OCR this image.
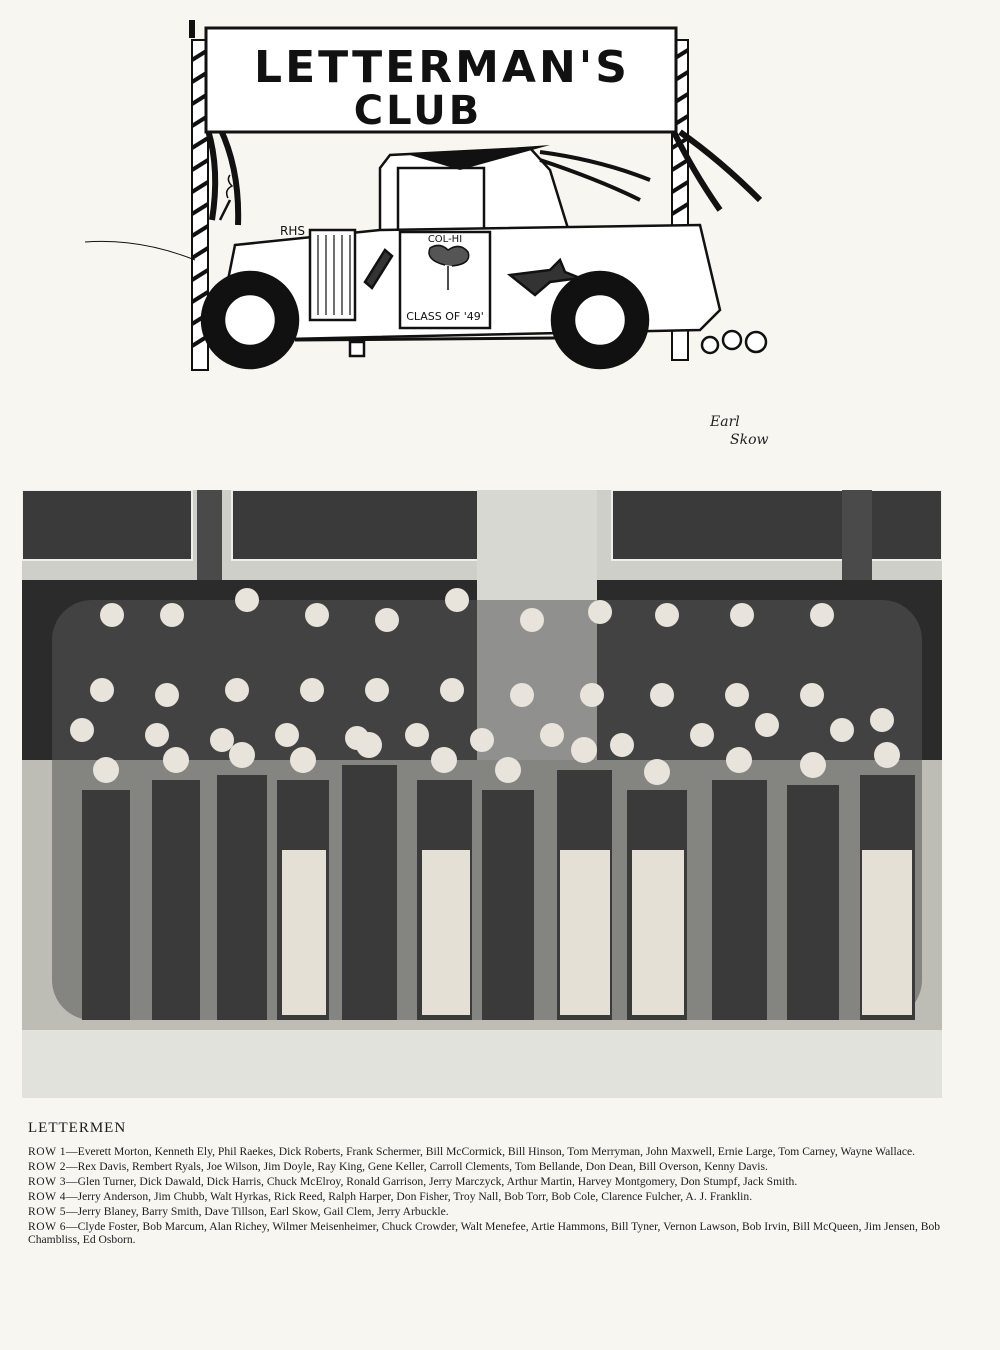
LETTERMAN'S
CLUB
RHS
COL-HI
CLASS OF '49'
Earl
Skow
LETTERMEN

ROW 1—Everett Morton, Kenneth Ely, Phil Raekes, Dick Roberts, Frank Schermer, Bill McCormick, Bill Hinson, Tom Merryman, John Maxwell, Ernie Large, Tom Carney, Wayne Wallace.

ROW 2—Rex Davis, Rembert Ryals, Joe Wilson, Jim Doyle, Ray King, Gene Keller, Carroll Clements, Tom Bellande, Don Dean, Bill Overson, Kenny Davis.

ROW 3—Glen Turner, Dick Dawald, Dick Harris, Chuck McElroy, Ronald Garrison, Jerry Marczyck, Arthur Martin, Harvey Montgomery, Don Stumpf, Jack Smith.

ROW 4—Jerry Anderson, Jim Chubb, Walt Hyrkas, Rick Reed, Ralph Harper, Don Fisher, Troy Nall, Bob Torr, Bob Cole, Clarence Fulcher, A. J. Franklin.

ROW 5—Jerry Blaney, Barry Smith, Dave Tillson, Earl Skow, Gail Clem, Jerry Arbuckle.

ROW 6—Clyde Foster, Bob Marcum, Alan Richey, Wilmer Meisenheimer, Chuck Crowder, Walt Menefee, Artie Hammons, Bill Tyner, Vernon Lawson, Bob Irvin, Bill McQueen, Jim Jensen, Bob Chambliss, Ed Osborn.
